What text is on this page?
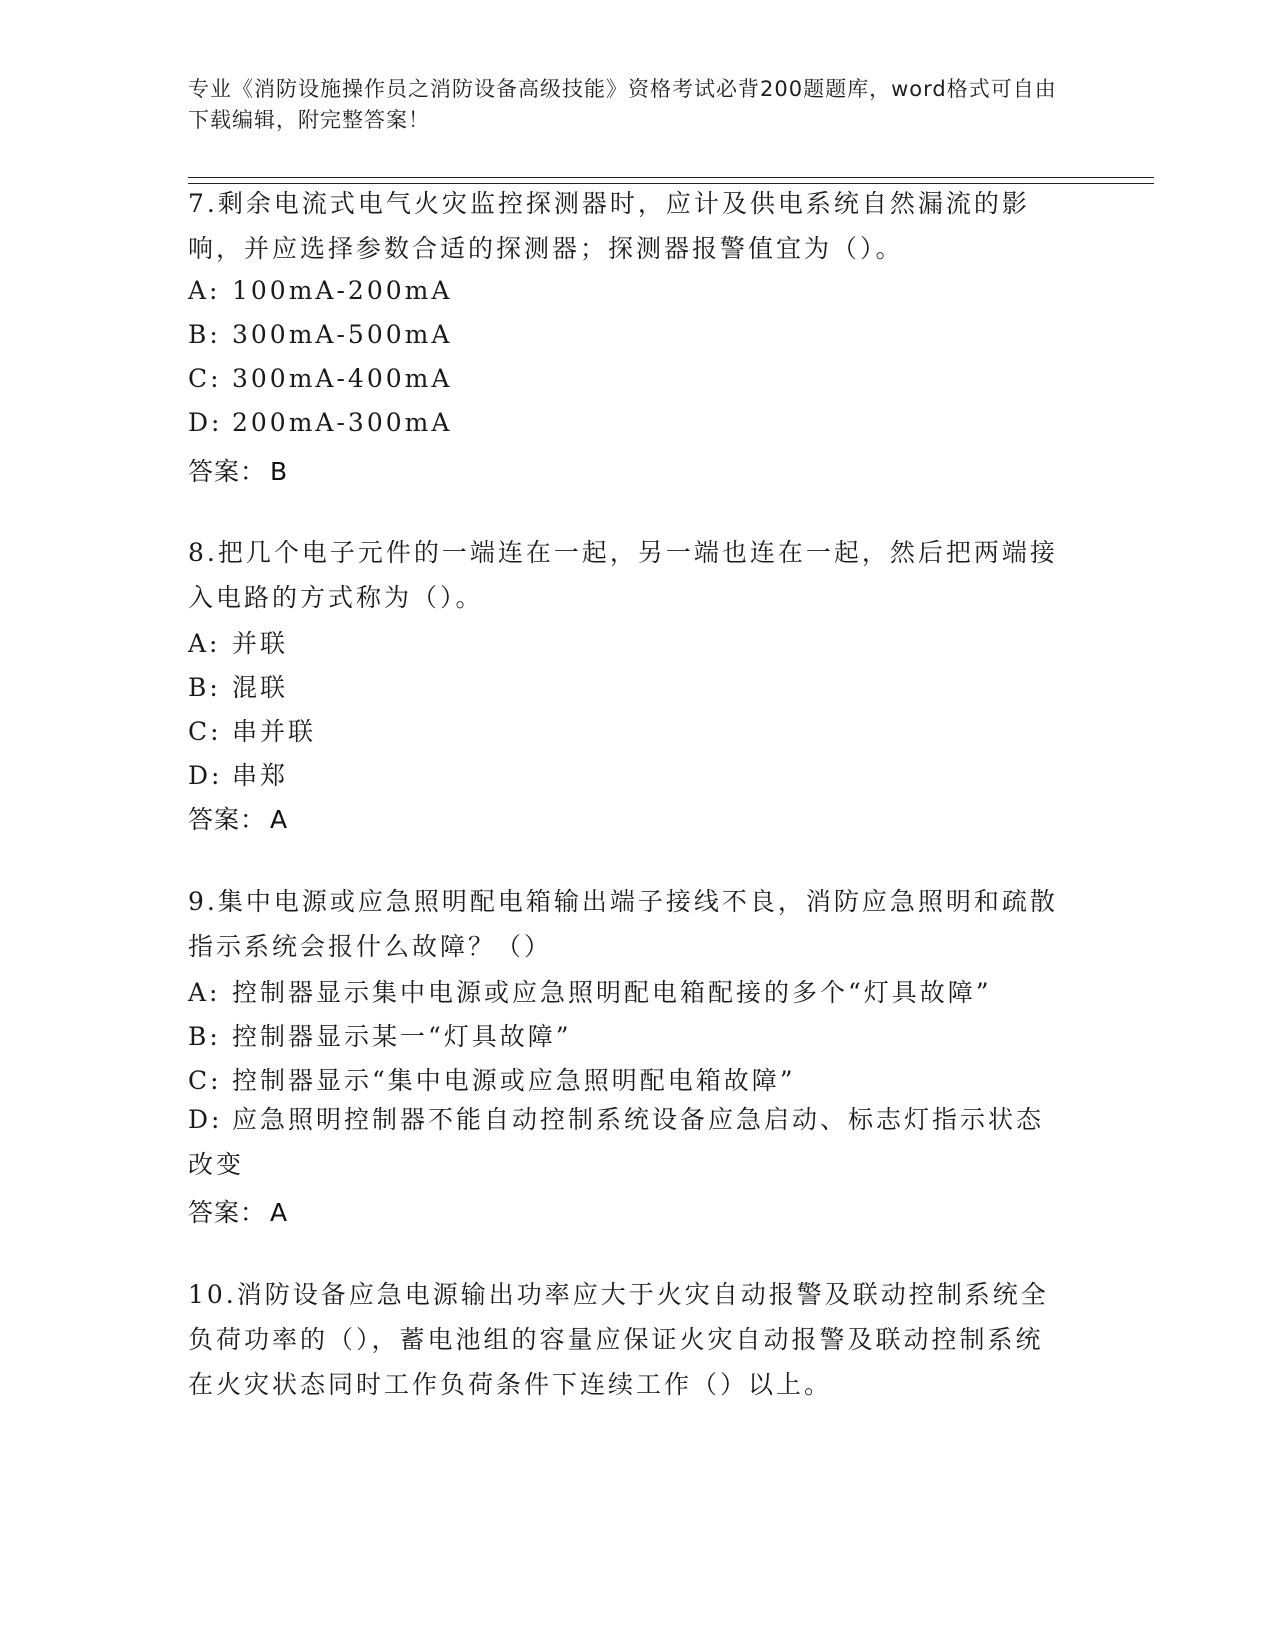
专业《消防设施操作员之消防设备高级技能》资格考试必背200题题库，word格式可自由下载编辑，附完整答案！
7.剩余电流式电气火灾监控探测器时，应计及供电系统自然漏流的影响，并应选择参数合适的探测器；探测器报警值宜为（）。
A: 100mA-200mA
B: 300mA-500mA
C: 300mA-400mA
D: 200mA-300mA
答案： B
8.把几个电子元件的一端连在一起，另一端也连在一起，然后把两端接入电路的方式称为（）。
A: 并联
B: 混联
C: 串并联
D: 串郑
答案： A
9.集中电源或应急照明配电箱输出端子接线不良，消防应急照明和疏散指示系统会报什么故障？（）
A: 控制器显示集中电源或应急照明配电箱配接的多个“灯具故障”
B: 控制器显示某一“灯具故障”
C: 控制器显示“集中电源或应急照明配电箱故障”
D: 应急照明控制器不能自动控制系统设备应急启动、标志灯指示状态改变
答案： A
10.消防设备应急电源输出功率应大于火灾自动报警及联动控制系统全负荷功率的（），蓄电池组的容量应保证火灾自动报警及联动控制系统在火灾状态同时工作负荷条件下连续工作（）以上。
